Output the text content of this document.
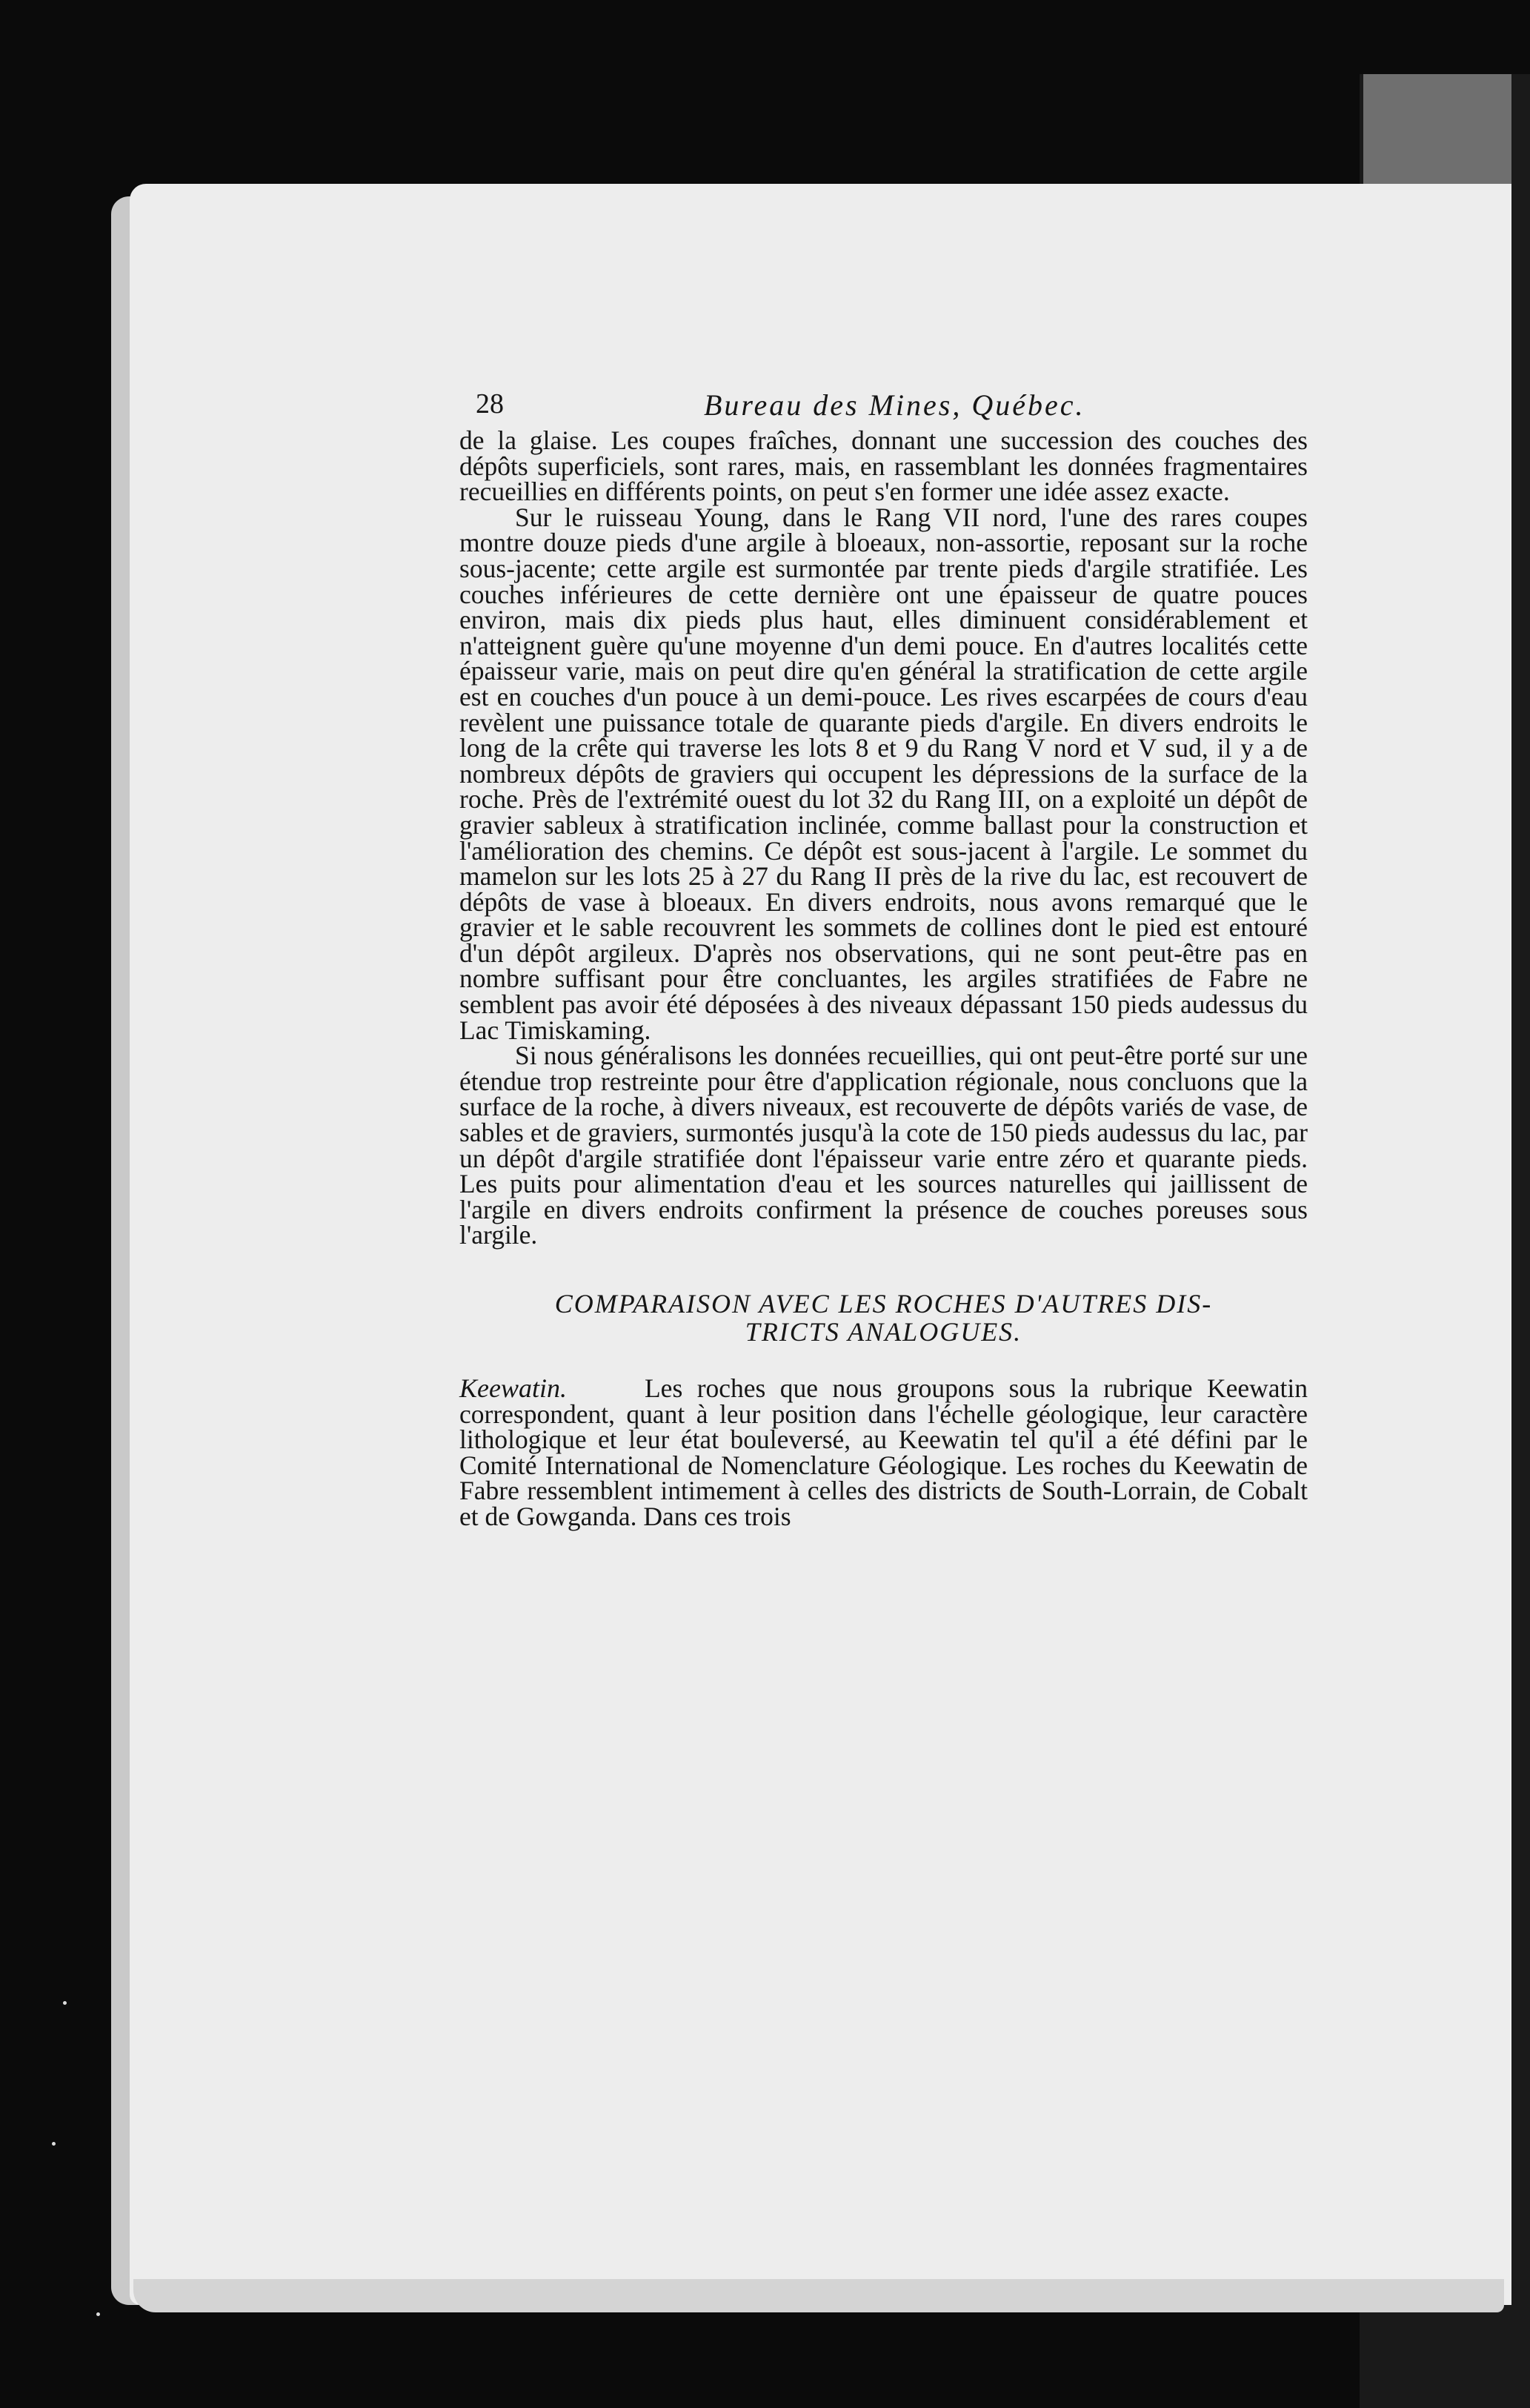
28	Bureau des Mines, Québec.

de la glaise. Les coupes fraîches, donnant une succession des couches des dépôts superficiels, sont rares, mais, en rassemblant les données fragmentaires recueillies en différents points, on peut s'en former une idée assez exacte.

Sur le ruisseau Young, dans le Rang VII nord, l'une des rares coupes montre douze pieds d'une argile à bloeaux, non-assortie, reposant sur la roche sous-jacente; cette argile est surmontée par trente pieds d'argile stratifiée. Les couches inférieures de cette dernière ont une épaisseur de quatre pouces environ, mais dix pieds plus haut, elles diminuent considérablement et n'atteignent guère qu'une moyenne d'un demi pouce. En d'autres localités cette épaisseur varie, mais on peut dire qu'en général la stratification de cette argile est en couches d'un pouce à un demi-pouce. Les rives escarpées de cours d'eau revèlent une puissance totale de quarante pieds d'argile. En divers endroits le long de la crête qui traverse les lots 8 et 9 du Rang V nord et V sud, il y a de nombreux dépôts de graviers qui occupent les dépressions de la surface de la roche. Près de l'extrémité ouest du lot 32 du Rang III, on a exploité un dépôt de gravier sableux à stratification inclinée, comme ballast pour la construction et l'amélioration des chemins. Ce dépôt est sous-jacent à l'argile. Le sommet du mamelon sur les lots 25 à 27 du Rang II près de la rive du lac, est recouvert de dépôts de vase à bloeaux. En divers endroits, nous avons remarqué que le gravier et le sable recouvrent les sommets de collines dont le pied est entouré d'un dépôt argileux. D'après nos observations, qui ne sont peut-être pas en nombre suffisant pour être concluantes, les argiles stratifiées de Fabre ne semblent pas avoir été déposées à des niveaux dépassant 150 pieds audessus du Lac Timiskaming.

Si nous généralisons les données recueillies, qui ont peut-être porté sur une étendue trop restreinte pour être d'application régionale, nous concluons que la surface de la roche, à divers niveaux, est recouverte de dépôts variés de vase, de sables et de graviers, surmontés jusqu'à la cote de 150 pieds audessus du lac, par un dépôt d'argile stratifiée dont l'épaisseur varie entre zéro et quarante pieds. Les puits pour alimentation d'eau et les sources naturelles qui jaillissent de l'argile en divers endroits confirment la présence de couches poreuses sous l'argile.

COMPARAISON AVEC LES ROCHES D'AUTRES DIS-
TRICTS ANALOGUES.
Keewatin.	Les roches que nous groupons sous la rubrique Keewatin correspondent, quant à leur position dans l'échelle géologique, leur caractère lithologique et leur état bouleversé, au Keewatin tel qu'il a été défini par le Comité International de Nomenclature Géologique. Les roches du Keewatin de Fabre ressemblent intimement à celles des districts de South-Lorrain, de Cobalt et de Gowganda. Dans ces trois
